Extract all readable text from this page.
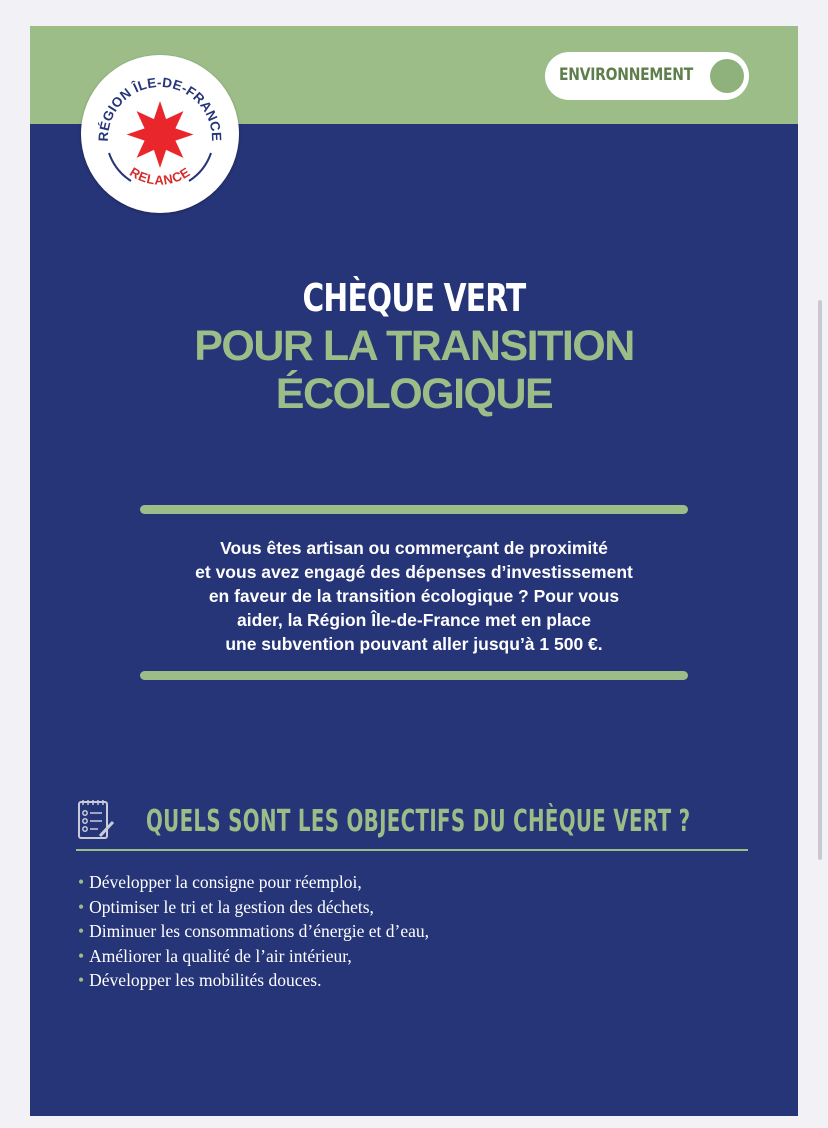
ENVIRONNEMENT
RÉGION ÎLE-DE-FRANCE
RELANCE
CHÈQUE VERT
POUR LA TRANSITION
ÉCOLOGIQUE
Vous êtes artisan ou commerçant de proximité
et vous avez engagé des dépenses d’investissement
en faveur de la transition écologique ? Pour vous
aider, la Région Île-de-France met en place
une subvention pouvant aller jusqu’à 1 500 €.
QUELS SONT LES OBJECTIFS DU CHÈQUE VERT ?
• Développer la consigne pour réemploi,
• Optimiser le tri et la gestion des déchets,
• Diminuer les consommations d’énergie et d’eau,
• Améliorer la qualité de l’air intérieur,
• Développer les mobilités douces.
